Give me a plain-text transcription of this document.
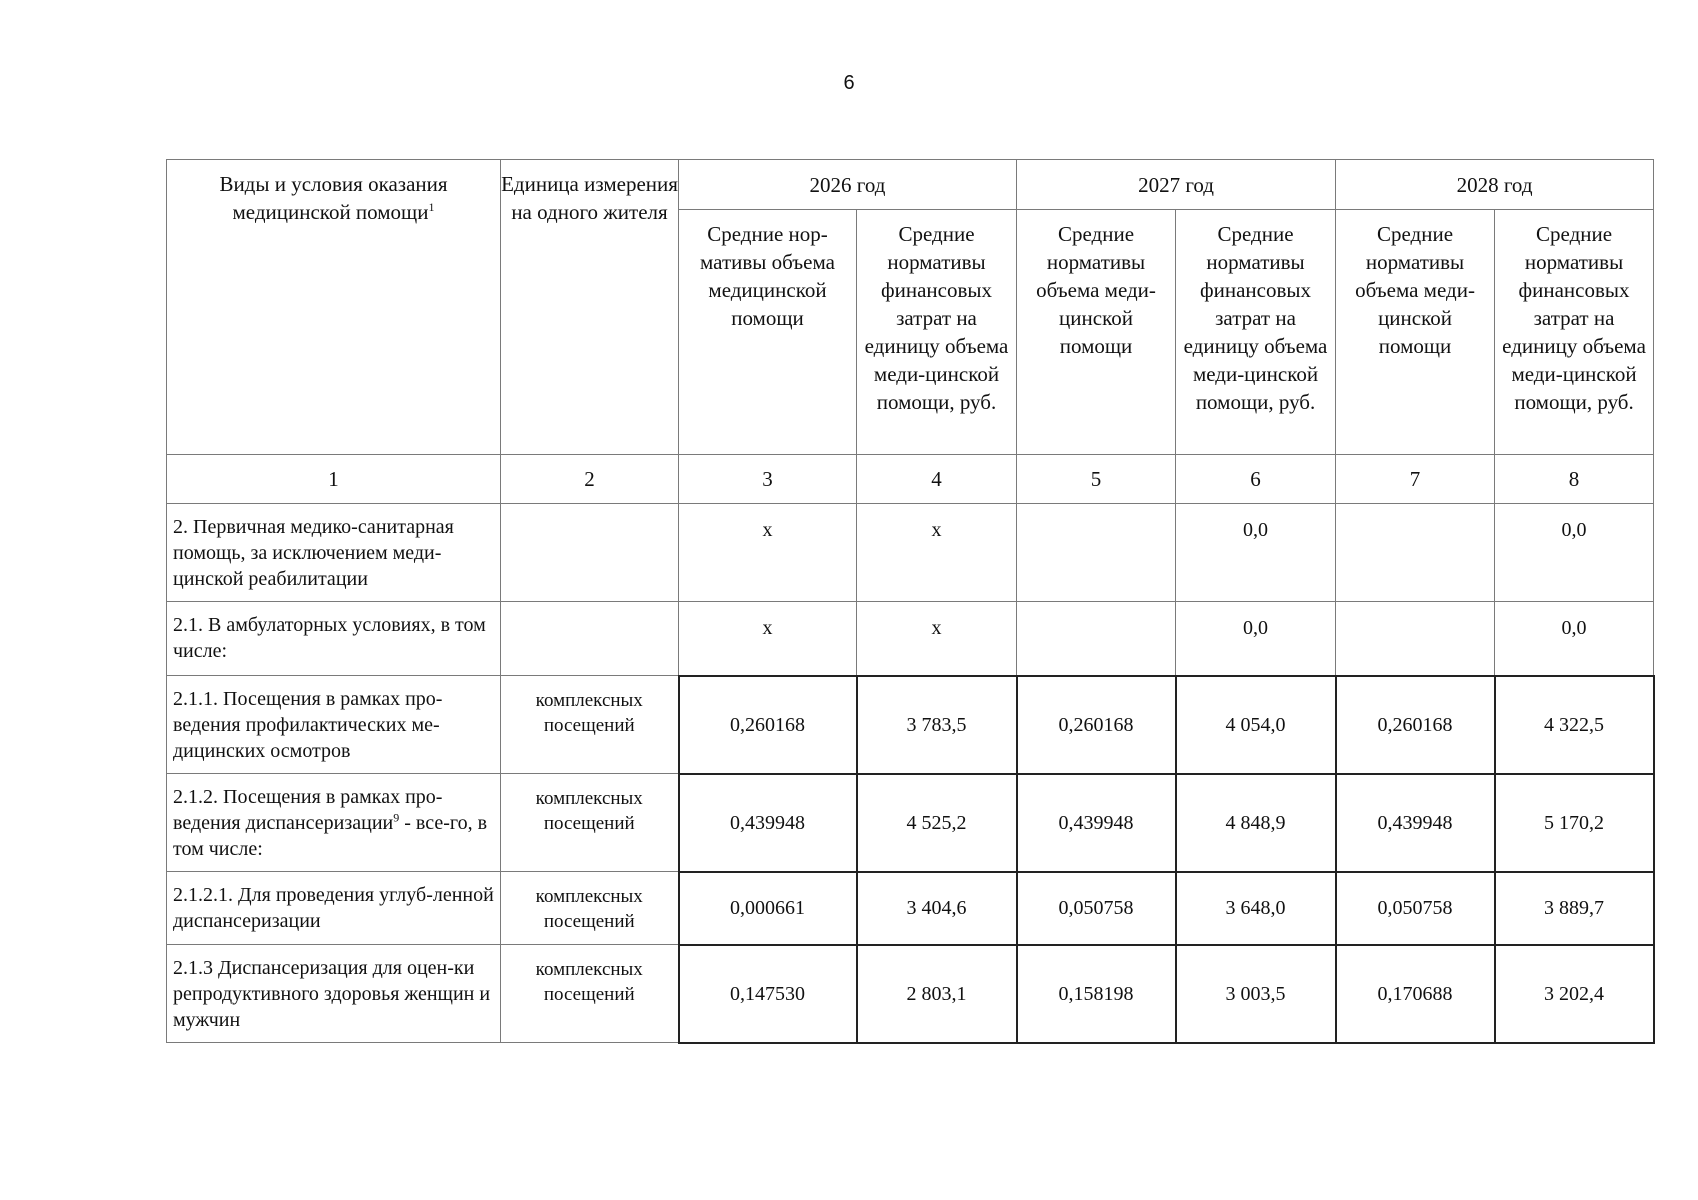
6
Виды и условия оказания медицинской помощи$^1$	Единица измерения на одного жителя	2026 год		2027 год		2028 год	
		Средние нор-мативы объема медицинской помощи	Средние нормативы финансовых затрат на единицу объема меди-цинской помощи, руб.	Средние нормативы объема меди-цинской помощи	Средние нормативы финансовых затрат на единицу объема меди-цинской помощи, руб.	Средние нормативы объема меди-цинской помощи	Средние нормативы финансовых затрат на единицу объема меди-цинской помощи, руб.
1	2	3	4	5	6	7	8
2. Первичная медико-санитарная помощь, за исключением меди-цинской реабилитации		х	х		0,0		0,0
2.1. В амбулаторных условиях, в том числе:		х	х		0,0		0,0
2.1.1. Посещения в рамках про-ведения профилактических ме-дицинских осмотров	комплексных посещений	0,260168	3 783,5	0,260168	4 054,0	0,260168	4 322,5
2.1.2. Посещения в рамках про-ведения диспансеризации$^9$ - все-го, в том числе:	комплексных посещений	0,439948	4 525,2	0,439948	4 848,9	0,439948	5 170,2
2.1.2.1. Для проведения углуб-ленной диспансеризации	комплексных посещений	0,000661	3 404,6	0,050758	3 648,0	0,050758	3 889,7
2.1.3 Диспансеризация для оцен-ки репродуктивного здоровья женщин и мужчин	комплексных посещений	0,147530	2 803,1	0,158198	3 003,5	0,170688	3 202,4
